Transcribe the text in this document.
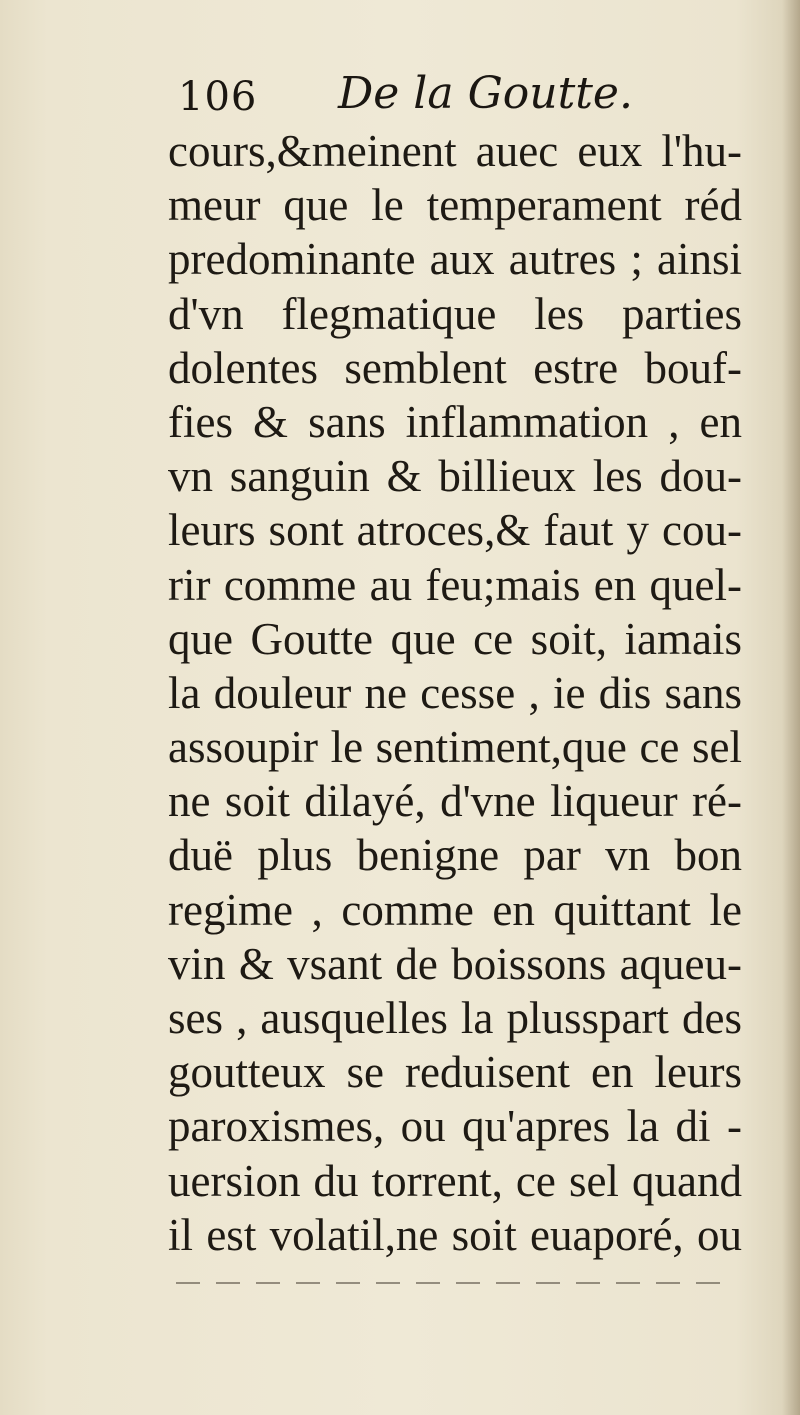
106 De la Goutte.
cours,&meinent auec eux l'hu-
meur que le temperament réd
predominante aux autres ; ainsi
d'vn flegmatique les parties
dolentes semblent estre bouf-
fies & sans inflammation , en
vn sanguin & billieux les dou-
leurs sont atroces,& faut y cou-
rir comme au feu;mais en quel-
que Goutte que ce soit, iamais
la douleur ne cesse , ie dis sans
assoupir le sentiment,que ce sel
ne soit dilayé, d'vne liqueur ré-
duë plus benigne par vn bon
regime , comme en quittant le
vin & vsant de boissons aqueu-
ses , ausquelles la plusspart des
goutteux se reduisent en leurs
paroxismes, ou qu'apres la di -
uersion du torrent, ce sel quand
il est volatil,ne soit euaporé, ou
